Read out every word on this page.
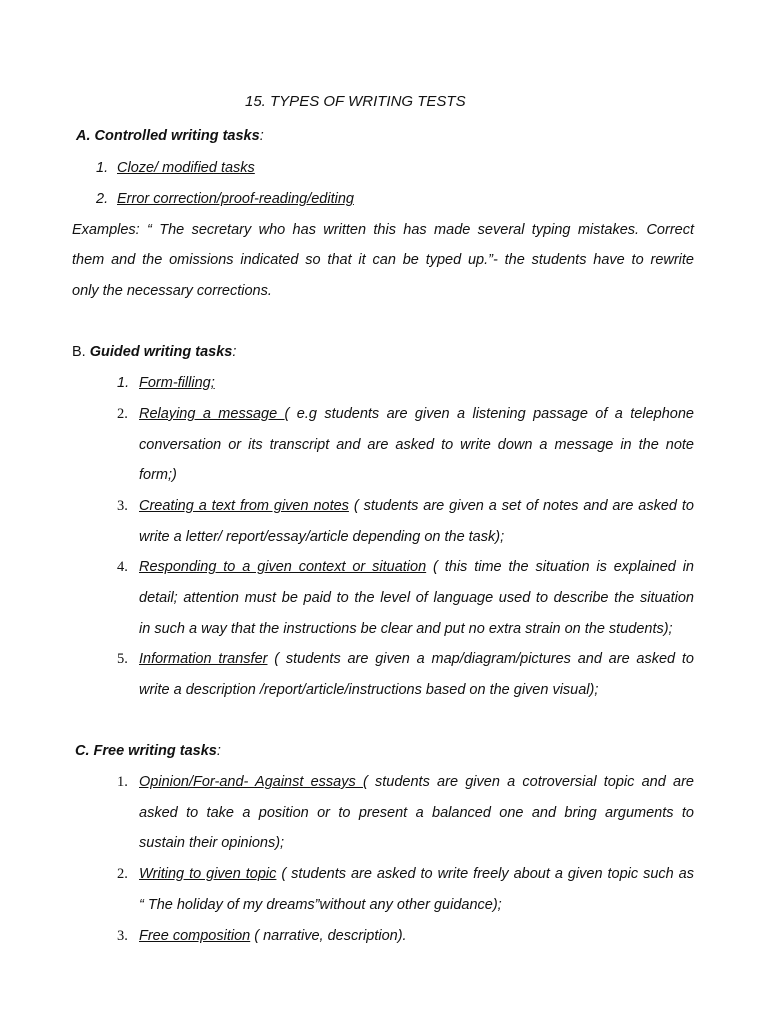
15. TYPES OF WRITING TESTS
A. Controlled writing tasks:
1. Cloze/ modified tasks
2. Error correction/proof-reading/editing
Examples: “ The secretary who has written this has made several typing mistakes. Correct
them and the omissions indicated so that it can be typed up.”- the students have to rewrite
only the necessary corrections.
B. Guided writing tasks:
1. Form-filling;
2. Relaying a message ( e.g students are given a listening passage of a telephone
conversation or its transcript and are asked to write down a message in the note
form;)
3. Creating a text from given notes ( students are given a set of notes and are asked to
write a letter/ report/essay/article depending on the task);
4. Responding to a given context or situation ( this time the situation is explained in
detail; attention must be paid to the level of language used to describe the situation
in such a way that the instructions be clear and put no extra strain on the students);
5. Information transfer ( students are given a map/diagram/pictures and are asked to
write a description /report/article/instructions based on the given visual);
C. Free writing tasks:
1. Opinion/For-and- Against essays ( students are given a cotroversial topic and are
asked to take a position or to present a balanced one and bring arguments to
sustain their opinions);
2. Writing to given topic ( students are asked to write freely about a given topic such as
“ The holiday of my dreams”without any other guidance);
3. Free composition ( narrative, description).
